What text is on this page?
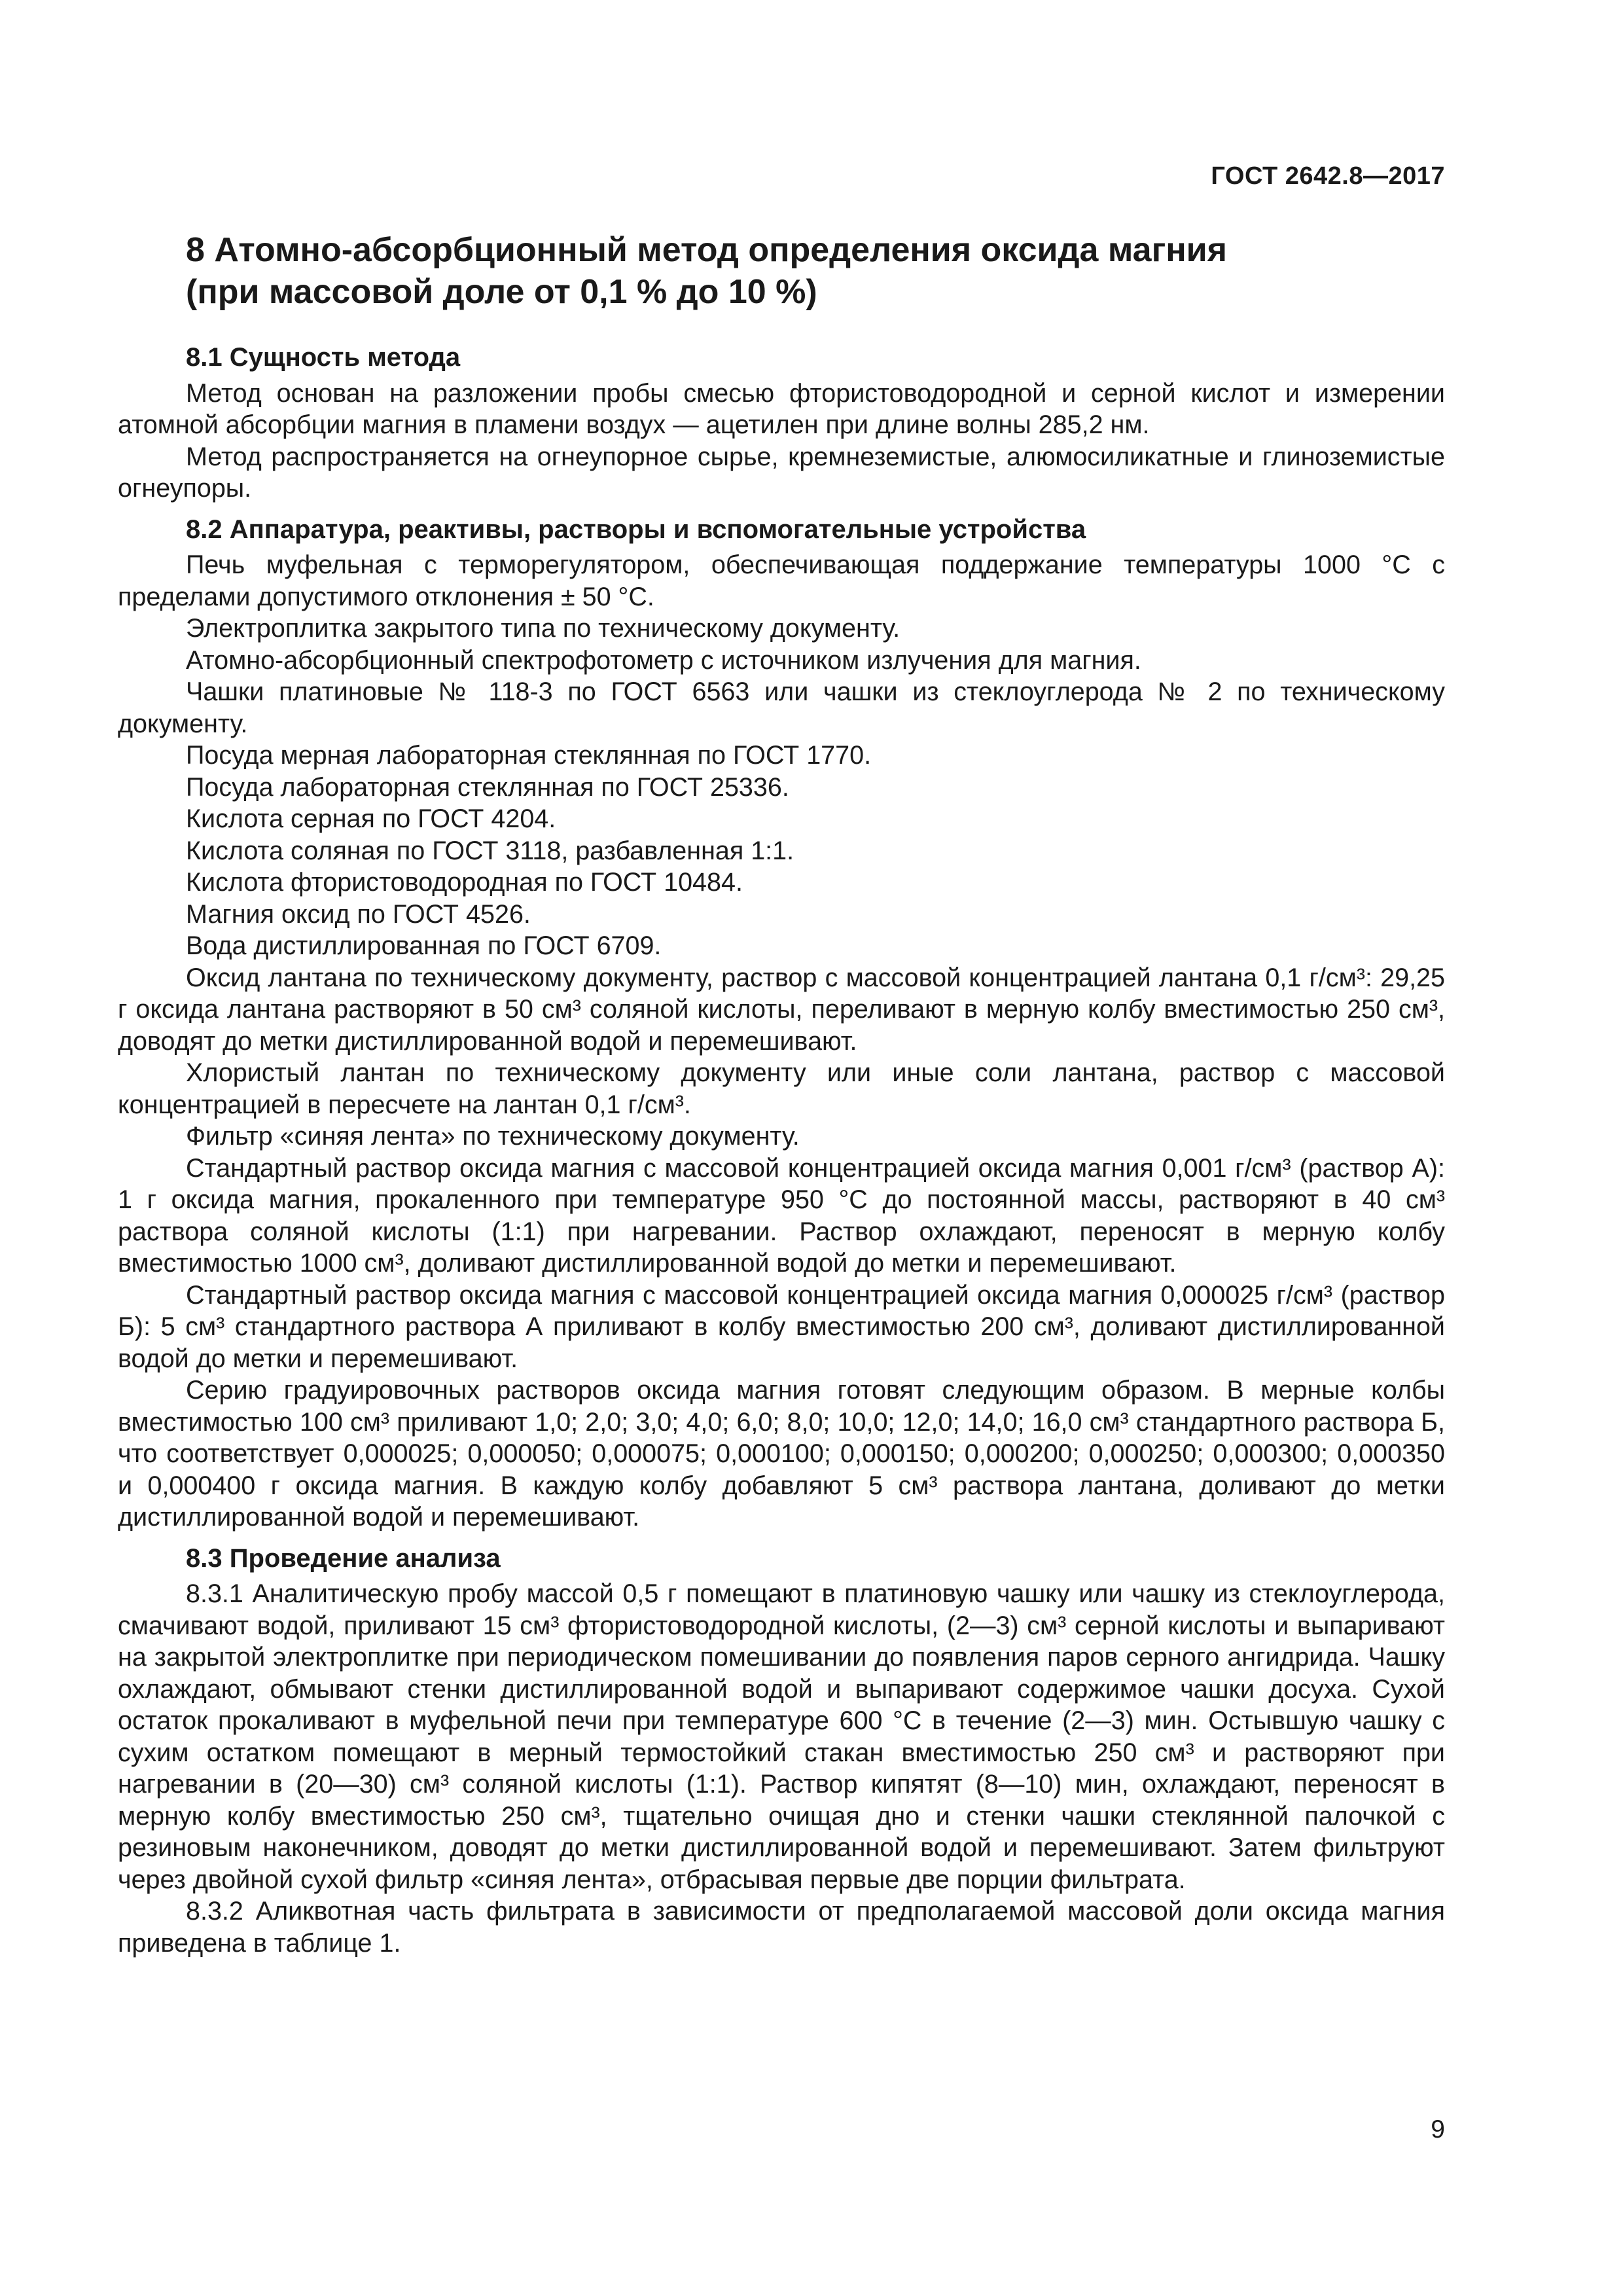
ГОСТ 2642.8—2017
8 Атомно-абсорбционный метод определения оксида магния
(при массовой доле от 0,1 % до 10 %)
8.1 Сущность метода

Метод основан на разложении пробы смесью фтористоводородной и серной кислот и измерении атомной абсорбции магния в пламени воздух — ацетилен при длине волны 285,2 нм.

Метод распространяется на огнеупорное сырье, кремнеземистые, алюмосиликатные и глиноземистые огнеупоры.

8.2 Аппаратура, реактивы, растворы и вспомогательные устройства

Печь муфельная с терморегулятором, обеспечивающая поддержание температуры 1000 °С с пределами допустимого отклонения ± 50 °С.

Электроплитка закрытого типа по техническому документу.

Атомно-абсорбционный спектрофотометр с источником излучения для магния.

Чашки платиновые № 118-3 по ГОСТ 6563 или чашки из стеклоуглерода № 2 по техническому документу.

Посуда мерная лабораторная стеклянная по ГОСТ 1770.

Посуда лабораторная стеклянная по ГОСТ 25336.

Кислота серная по ГОСТ 4204.

Кислота соляная по ГОСТ 3118, разбавленная 1:1.

Кислота фтористоводородная по ГОСТ 10484.

Магния оксид по ГОСТ 4526.

Вода дистиллированная по ГОСТ 6709.

Оксид лантана по техническому документу, раствор с массовой концентрацией лантана 0,1 г/см³: 29,25 г оксида лантана растворяют в 50 см³ соляной кислоты, переливают в мерную колбу вместимостью 250 см³, доводят до метки дистиллированной водой и перемешивают.

Хлористый лантан по техническому документу или иные соли лантана, раствор с массовой концентрацией в пересчете на лантан 0,1 г/см³.

Фильтр «синяя лента» по техническому документу.

Стандартный раствор оксида магния с массовой концентрацией оксида магния 0,001 г/см³ (раствор А): 1 г оксида магния, прокаленного при температуре 950 °С до постоянной массы, растворяют в 40 см³ раствора соляной кислоты (1:1) при нагревании. Раствор охлаждают, переносят в мерную колбу вместимостью 1000 см³, доливают дистиллированной водой до метки и перемешивают.

Стандартный раствор оксида магния с массовой концентрацией оксида магния 0,000025 г/см³ (раствор Б): 5 см³ стандартного раствора А приливают в колбу вместимостью 200 см³, доливают дистиллированной водой до метки и перемешивают.

Серию градуировочных растворов оксида магния готовят следующим образом. В мерные колбы вместимостью 100 см³ приливают 1,0; 2,0; 3,0; 4,0; 6,0; 8,0; 10,0; 12,0; 14,0; 16,0 см³ стандартного раствора Б, что соответствует 0,000025; 0,000050; 0,000075; 0,000100; 0,000150; 0,000200; 0,000250; 0,000300; 0,000350 и 0,000400 г оксида магния. В каждую колбу добавляют 5 см³ раствора лантана, доливают до метки дистиллированной водой и перемешивают.

8.3 Проведение анализа

8.3.1 Аналитическую пробу массой 0,5 г помещают в платиновую чашку или чашку из стеклоуглерода, смачивают водой, приливают 15 см³ фтористоводородной кислоты, (2—3) см³ серной кислоты и выпаривают на закрытой электроплитке при периодическом помешивании до появления паров серного ангидрида. Чашку охлаждают, обмывают стенки дистиллированной водой и выпаривают содержимое чашки досуха. Сухой остаток прокаливают в муфельной печи при температуре 600 °С в течение (2—3) мин. Остывшую чашку с сухим остатком помещают в мерный термостойкий стакан вместимостью 250 см³ и растворяют при нагревании в (20—30) см³ соляной кислоты (1:1). Раствор кипятят (8—10) мин, охлаждают, переносят в мерную колбу вместимостью 250 см³, тщательно очищая дно и стенки чашки стеклянной палочкой с резиновым наконечником, доводят до метки дистиллированной водой и перемешивают. Затем фильтруют через двойной сухой фильтр «синяя лента», отбрасывая первые две порции фильтрата.

8.3.2 Аликвотная часть фильтрата в зависимости от предполагаемой массовой доли оксида магния приведена в таблице 1.

9
